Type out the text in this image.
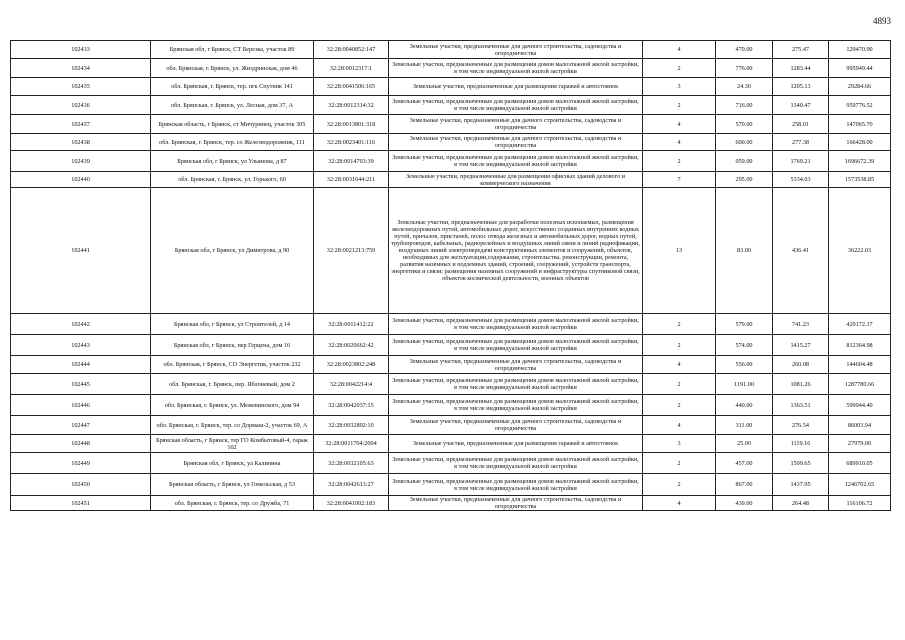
4893
102433	Брянская обл, г Брянск, СТ Березка, участок 89	32:28:0040852:147	Земельные участки, предназначенные для дачного строительства, садоводства и огородничества	4	470.00	275.47	129470.90
102434	обл. Брянская, г. Брянск, ул. Жиздринская, дом 46	32:28:0012317:1	Земельные участки, предназначенные для размещения домов малоэтажной жилой застройки, в том числе индивидуальной жилой застройки	2	776.00	1283.44	995949.44
102435	обл. Брянская, г. Брянск, тер. пгк Спутник 141	32:28:0041506:165	Земельные участки, предназначенные для размещения гаражей и автостоянок	3	24.30	1205.13	29284.66
102436	обл. Брянская, г. Брянск, ул. Лесная, дом 37, А	32:28:0012314:32	Земельные участки, предназначенные для размещения домов малоэтажной жилой застройки, в том числе индивидуальной жилой застройки	2	716.00	1340.47	959776.52
102437	Брянская область, г Брянск, ст Мичуринец, участок 305	32:28:0013801:318	Земельные участки, предназначенные для дачного строительства, садоводства и огородничества	4	570.00	258.01	147065.70
102438	обл. Брянская, г. Брянск, тер. со Железнодорожник, 111	32:28:0023401:116	Земельные участки, предназначенные для дачного строительства, садоводства и огородничества	4	600.00	277.38	166428.00
102439	Брянская обл, г Брянск, ул Ульянова, д 87	32:28:0014703:39	Земельные участки, предназначенные для размещения домов малоэтажной жилой застройки, в том числе индивидуальной жилой застройки	2	959.00	1769.21	1696672.39
102440	обл. Брянская, г. Брянск, ул. Горького, 60	32:28:0031644:211	Земельные участки, предназначенные для размещения офисных зданий делового и коммерческого назначения	7	295.00	5334.03	1573538.85
102441	Брянская обл, г Брянск, ул Димитрова, д 90	32:28:0021213:759	Земельные участки, предназначенные для разработки полезных ископаемых, размещения железнодорожных путей, автомобильных дорог, искусственно созданных внутренних водных путей, причалов, пристаней, полос отвода железных и автомобильных дорог, водных путей, трубопроводов, кабельных, радиорелейных и воздушных линий связи и линий радиофикации, воздушных линий электропередачи конструктивных элементов и сооружений, объектов, необходимых для эксплуатации,содержания, строительства, реконструкции, ремонта, развития наземных и подземных зданий, строений, сооружений, устройств транспорта, энергетики и связи; размещения наземных сооружений и инфраструктуры спутниковой связи, объектов космической деятельности, военных объектов	13	83.00	436.41	36222.03
102442	Брянская обл, г Брянск, ул Строителей, д 14	32:28:0011412:22	Земельные участки, предназначенные для размещения домов малоэтажной жилой застройки, в том числе индивидуальной жилой застройки	2	579.00	741.23	429172.17
102443	Брянская обл, г Брянск, пер Герцена, дом 16	32:28:0020662:42	Земельные участки, предназначенные для размещения домов малоэтажной жилой застройки, в том числе индивидуальной жилой застройки	2	574.00	1415.27	812364.98
102444	обл. Брянская, г Брянск, СО Энергетик, участок 232	32:28:0023802:248	Земельные участки, предназначенные для дачного строительства, садоводства и огородничества	4	556.00	260.08	144604.48
102445	обл. Брянская, г. Брянск, пер. Яблоневый, дом 2	32:28:0042214:4	Земельные участки, предназначенные для размещения домов малоэтажной жилой застройки, в том числе индивидуальной жилой застройки	2	1191.00	1081.26	1287780.66
102446	обл. Брянская, г. Брянск, ул. Межевинского, дом 94	32:28:0042037:15	Земельные участки, предназначенные для размещения домов малоэтажной жилой застройки, в том числе индивидуальной жилой застройки	2	440.00	1363.51	599944.40
102447	обл. Брянская, г. Брянск, тер. со Дормаш-2, участок 69, А	32:28:0032802:10	Земельные участки, предназначенные для дачного строительства, садоводства и огородничества	4	311.00	276.54	86003.94
102448	Брянская область, г Брянск, тер ГО Комбытовый-4, гараж 102	32:28:0011704:2004	Земельные участки, предназначенные для размещения гаражей и автостоянок	3	25.00	1119.16	27979.00
102449	Брянская обл, г Брянск, ул Калинина	32:28:0032105:63	Земельные участки, предназначенные для размещения домов малоэтажной жилой застройки, в том числе индивидуальной жилой застройки	2	457.00	1509.65	689910.05
102450	Брянская область, г Брянск, ул Гомельская, д 53	32:28:0042613:27	Земельные участки, предназначенные для размещения домов малоэтажной жилой застройки, в том числе индивидуальной жилой застройки	2	867.00	1437.95	1246702.65
102451	обл. Брянская, г. Брянск, тер. со Дружба, 71	32:28:0041002:183	Земельные участки, предназначенные для дачного строительства, садоводства и огородничества	4	439.00	264.48	116106.72
